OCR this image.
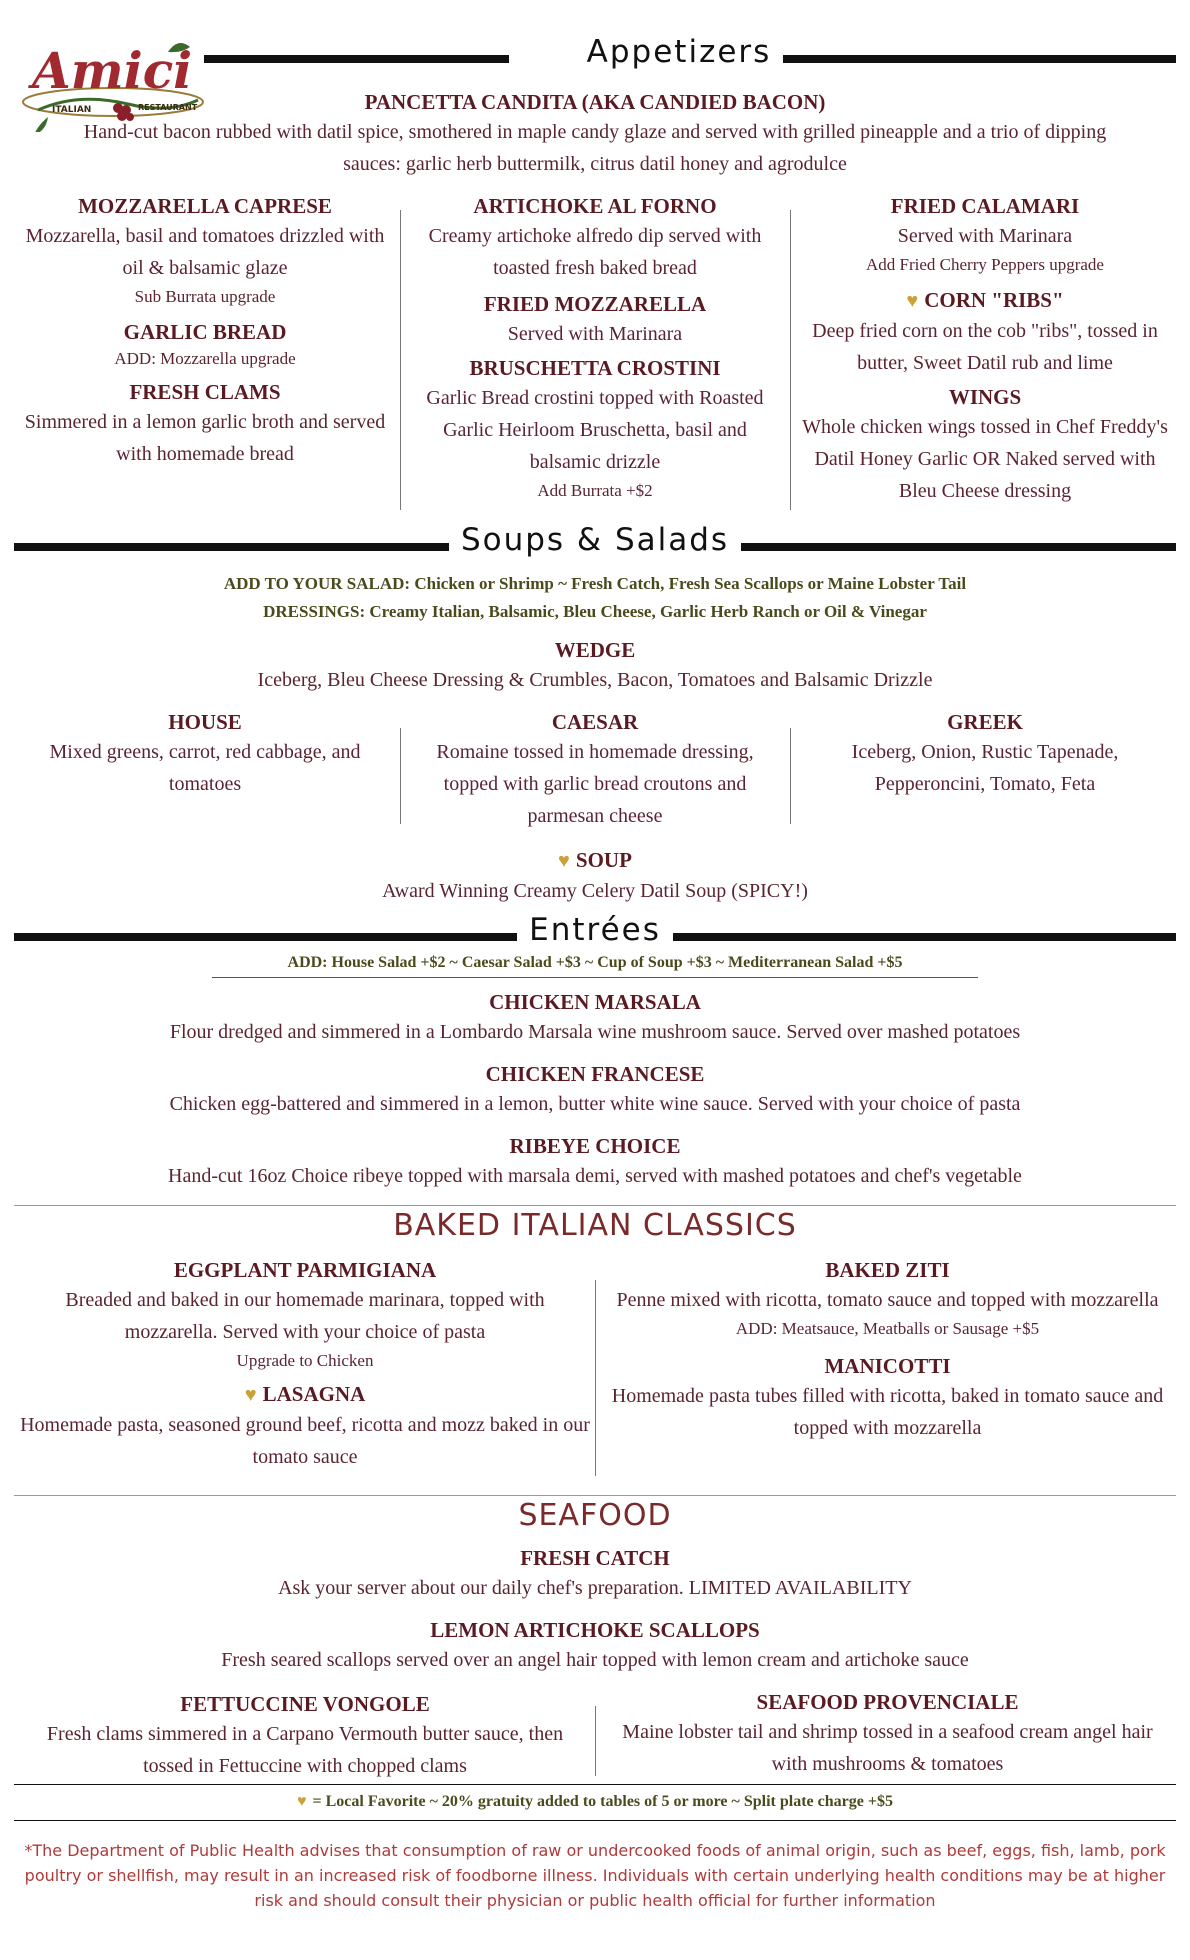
Amici
ITALIAN	RESTAURANT
Appetizers
PANCETTA CANDITA (AKA CANDIED BACON)
Hand-cut bacon rubbed with datil spice, smothered in maple candy glaze and served with grilled pineapple and a trio of dipping sauces: garlic herb buttermilk, citrus datil honey and agrodulce
MOZZARELLA CAPRESE
Mozzarella, basil and tomatoes drizzled with oil & balsamic glaze
Sub Burrata upgrade
GARLIC BREAD
ADD: Mozzarella upgrade
FRESH CLAMS
Simmered in a lemon garlic broth and served with homemade bread
ARTICHOKE AL FORNO
Creamy artichoke alfredo dip served with toasted fresh baked bread
FRIED MOZZARELLA
Served with Marinara
BRUSCHETTA CROSTINI
Garlic Bread crostini topped with Roasted Garlic Heirloom Bruschetta, basil and balsamic drizzle
Add Burrata +$2
FRIED CALAMARI
Served with Marinara
Add Fried Cherry Peppers upgrade
♥ CORN "RIBS"
Deep fried corn on the cob "ribs", tossed in butter, Sweet Datil rub and lime
WINGS
Whole chicken wings tossed in Chef Freddy's Datil Honey Garlic OR Naked served with Bleu Cheese dressing
Soups & Salads
ADD TO YOUR SALAD: Chicken or Shrimp ~ Fresh Catch, Fresh Sea Scallops or Maine Lobster Tail
DRESSINGS: Creamy Italian, Balsamic, Bleu Cheese, Garlic Herb Ranch or Oil & Vinegar
WEDGE
Iceberg, Bleu Cheese Dressing & Crumbles, Bacon, Tomatoes and Balsamic Drizzle
HOUSE
Mixed greens, carrot, red cabbage, and tomatoes
CAESAR
Romaine tossed in homemade dressing, topped with garlic bread croutons and parmesan cheese
GREEK
Iceberg, Onion, Rustic Tapenade, Pepperoncini, Tomato, Feta
♥ SOUP
Award Winning Creamy Celery Datil Soup (SPICY!)
Entrées
ADD: House Salad +$2 ~ Caesar Salad +$3 ~ Cup of Soup +$3 ~ Mediterranean Salad +$5
CHICKEN MARSALA
Flour dredged and simmered in a Lombardo Marsala wine mushroom sauce. Served over mashed potatoes
CHICKEN FRANCESE
Chicken egg-battered and simmered in a lemon, butter white wine sauce. Served with your choice of pasta
RIBEYE CHOICE
Hand-cut 16oz Choice ribeye topped with marsala demi, served with mashed potatoes and chef's vegetable
BAKED ITALIAN CLASSICS
EGGPLANT PARMIGIANA
Breaded and baked in our homemade marinara, topped with mozzarella. Served with your choice of pasta
Upgrade to Chicken
♥ LASAGNA
Homemade pasta, seasoned ground beef, ricotta and mozz baked in our tomato sauce
BAKED ZITI
Penne mixed with ricotta, tomato sauce and topped with mozzarella
ADD: Meatsauce, Meatballs or Sausage +$5
MANICOTTI
Homemade pasta tubes filled with ricotta, baked in tomato sauce and topped with mozzarella
SEAFOOD
FRESH CATCH
Ask your server about our daily chef's preparation. LIMITED AVAILABILITY
LEMON ARTICHOKE SCALLOPS
Fresh seared scallops served over an angel hair topped with lemon cream and artichoke sauce
FETTUCCINE VONGOLE
Fresh clams simmered in a Carpano Vermouth butter sauce, then tossed in Fettuccine with chopped clams
SEAFOOD PROVENCIALE
Maine lobster tail and shrimp tossed in a seafood cream angel hair with mushrooms & tomatoes
♥ = Local Favorite ~ 20% gratuity added to tables of 5 or more ~ Split plate charge +$5
*The Department of Public Health advises that consumption of raw or undercooked foods of animal origin, such as beef, eggs, fish, lamb, pork poultry or shellfish, may result in an increased risk of foodborne illness. Individuals with certain underlying health conditions may be at higher risk and should consult their physician or public health official for further information
